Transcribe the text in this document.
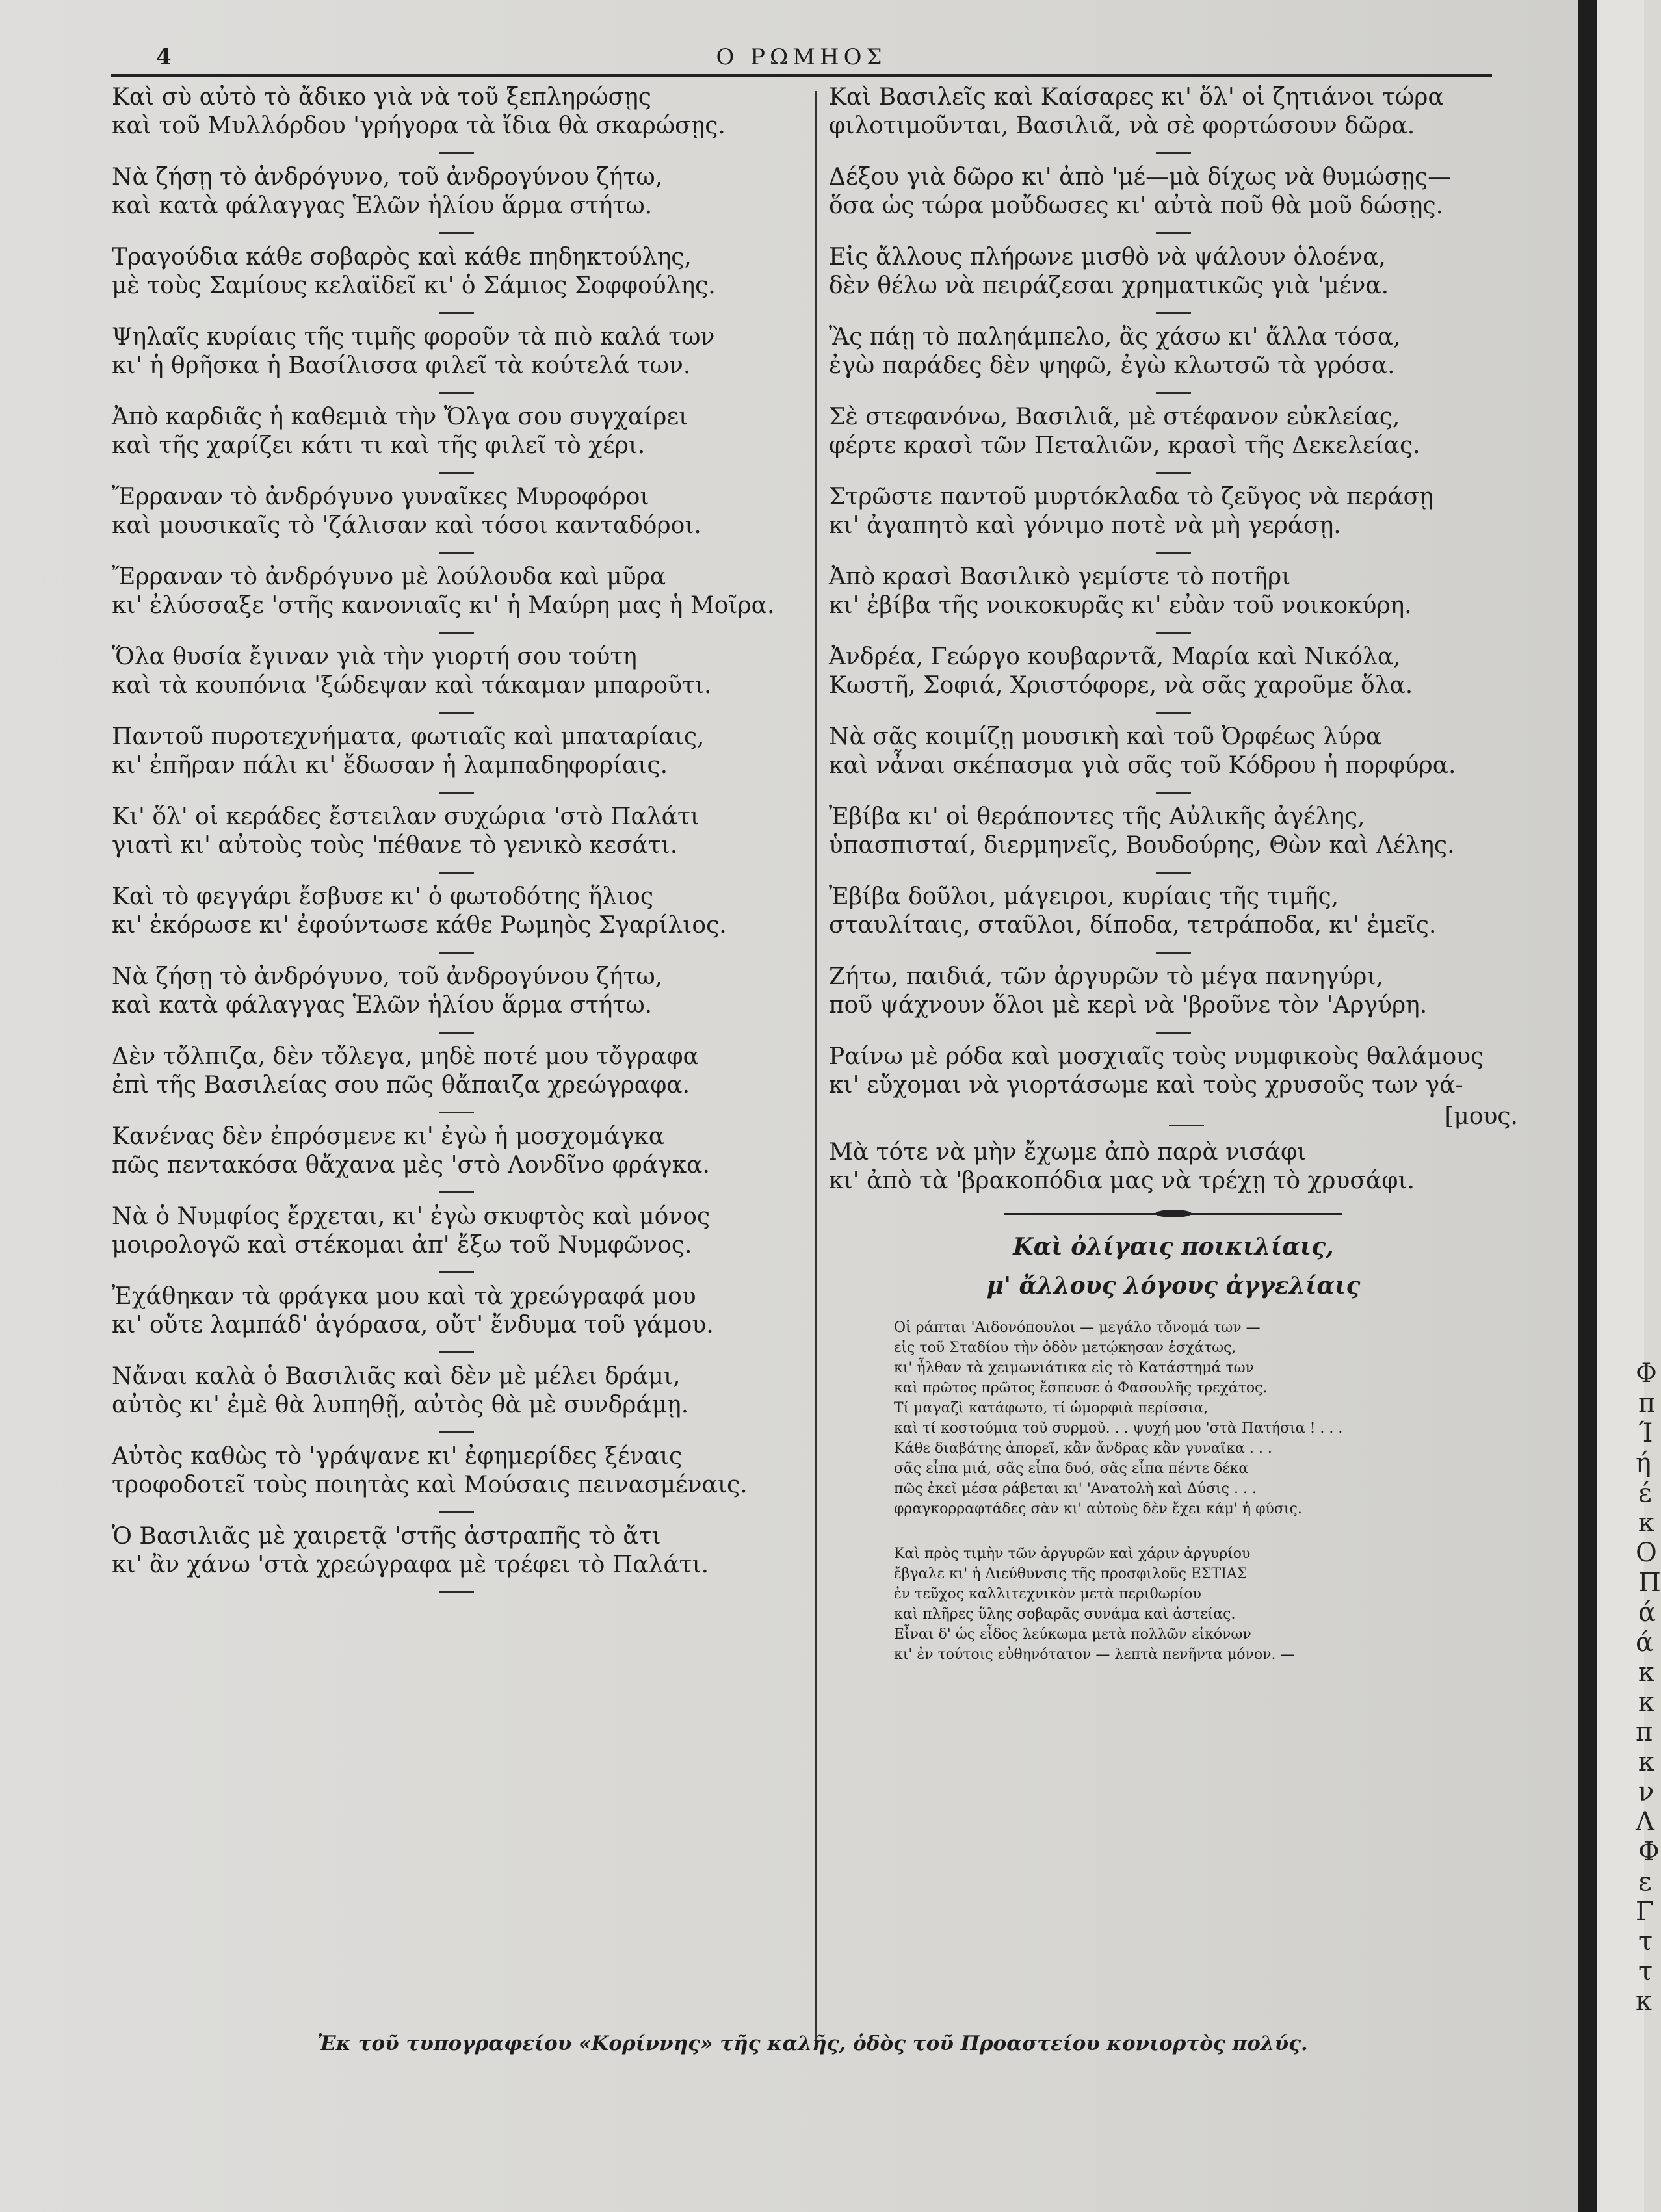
4	Ο ΡΩΜΗΟΣ
Καὶ σὺ αὐτὸ τὸ ἄδικο γιὰ νὰ τοῦ ξεπληρώσῃς
καὶ τοῦ Μυλλόρδου 'γρήγορα τὰ ἴδια θὰ σκαρώσῃς.
Νὰ ζήσῃ τὸ ἀνδρόγυνο, τοῦ ἀνδρογύνου ζήτω,
καὶ κατὰ φάλαγγας Ἑλῶν ἡλίου ἅρμα στήτω.
Τραγούδια κάθε σοβαρὸς καὶ κάθε πηδηκτούλης,
μὲ τοὺς Σαμίους κελαϊδεῖ κι' ὁ Σάμιος Σοφφούλης.
Ψηλαῖς κυρίαις τῆς τιμῆς φοροῦν τὰ πιὸ καλά των
κι' ἡ θρῆσκα ἡ Βασίλισσα φιλεῖ τὰ κούτελά των.
Ἀπὸ καρδιᾶς ἡ καθεμιὰ τὴν Ὄλγα σου συγχαίρει
καὶ τῆς χαρίζει κάτι τι καὶ τῆς φιλεῖ τὸ χέρι.
Ἔρραναν τὸ ἀνδρόγυνο γυναῖκες Μυροφόροι
καὶ μουσικαῖς τὸ 'ζάλισαν καὶ τόσοι κανταδόροι.
Ἔρραναν τὸ ἀνδρόγυνο μὲ λούλουδα καὶ μῦρα
κι' ἐλύσσαξε 'στῆς κανονιαῖς κι' ἡ Μαύρη μας ἡ Μοῖρα.
Ὅλα θυσία ἔγιναν γιὰ τὴν γιορτή σου τούτη
καὶ τὰ κουπόνια 'ξώδεψαν καὶ τάκαμαν μπαροῦτι.
Παντοῦ πυροτεχνήματα, φωτιαῖς καὶ μπαταρίαις,
κι' ἐπῆραν πάλι κι' ἔδωσαν ἡ λαμπαδηφορίαις.
Κι' ὅλ' οἱ κεράδες ἔστειλαν συχώρια 'στὸ Παλάτι
γιατὶ κι' αὐτοὺς τοὺς 'πέθανε τὸ γενικὸ κεσάτι.
Καὶ τὸ φεγγάρι ἔσβυσε κι' ὁ φωτοδότης ἥλιος
κι' ἐκόρωσε κι' ἐφούντωσε κάθε Ρωμηὸς Σγαρίλιος.
Νὰ ζήσῃ τὸ ἀνδρόγυνο, τοῦ ἀνδρογύνου ζήτω,
καὶ κατὰ φάλαγγας Ἑλῶν ἡλίου ἅρμα στήτω.
Δὲν τὄλπιζα, δὲν τὄλεγα, μηδὲ ποτέ μου τὄγραφα
ἐπὶ τῆς Βασιλείας σου πῶς θἄπαιζα χρεώγραφα.
Κανένας δὲν ἐπρόσμενε κι' ἐγὼ ἡ μοσχομάγκα
πῶς πεντακόσα θἄχανα μὲς 'στὸ Λονδῖνο φράγκα.
Νὰ ὁ Νυμφίος ἔρχεται, κι' ἐγὼ σκυφτὸς καὶ μόνος
μοιρολογῶ καὶ στέκομαι ἀπ' ἔξω τοῦ Νυμφῶνος.
Ἐχάθηκαν τὰ φράγκα μου καὶ τὰ χρεώγραφά μου
κι' οὔτε λαμπάδ' ἀγόρασα, οὔτ' ἔνδυμα τοῦ γάμου.
Νἄναι καλὰ ὁ Βασιλιᾶς καὶ δὲν μὲ μέλει δράμι,
αὐτὸς κι' ἐμὲ θὰ λυπηθῇ, αὐτὸς θὰ μὲ συνδράμῃ.
Αὐτὸς καθὼς τὸ 'γράψανε κι' ἐφημερίδες ξέναις
τροφοδοτεῖ τοὺς ποιητὰς καὶ Μούσαις πεινασμέναις.
Ὁ Βασιλιᾶς μὲ χαιρετᾷ 'στῆς ἀστραπῆς τὸ ἄτι
κι' ἂν χάνω 'στὰ χρεώγραφα μὲ τρέφει τὸ Παλάτι.
Καὶ Βασιλεῖς καὶ Καίσαρες κι' ὅλ' οἱ ζητιάνοι τώρα
φιλοτιμοῦνται, Βασιλιᾶ, νὰ σὲ φορτώσουν δῶρα.
Δέξου γιὰ δῶρο κι' ἀπὸ 'μέ—μὰ δίχως νὰ θυμώσῃς—
ὅσα ὡς τώρα μοὔδωσες κι' αὐτὰ ποῦ θὰ μοῦ δώσῃς.
Εἰς ἄλλους πλήρωνε μισθὸ νὰ ψάλουν ὁλοένα,
δὲν θέλω νὰ πειράζεσαι χρηματικῶς γιὰ 'μένα.
Ἂς πάῃ τὸ παληάμπελο, ἂς χάσω κι' ἄλλα τόσα,
ἐγὼ παράδες δὲν ψηφῶ, ἐγὼ κλωτσῶ τὰ γρόσα.
Σὲ στεφανόνω, Βασιλιᾶ, μὲ στέφανον εὐκλείας,
φέρτε κρασὶ τῶν Πεταλιῶν, κρασὶ τῆς Δεκελείας.
Στρῶστε παντοῦ μυρτόκλαδα τὸ ζεῦγος νὰ περάσῃ
κι' ἀγαπητὸ καὶ γόνιμο ποτὲ νὰ μὴ γεράσῃ.
Ἀπὸ κρασὶ Βασιλικὸ γεμίστε τὸ ποτῆρι
κι' ἐβίβα τῆς νοικοκυρᾶς κι' εὐὰν τοῦ νοικοκύρη.
Ἀνδρέα, Γεώργο κουβαρντᾶ, Μαρία καὶ Νικόλα,
Κωστῆ, Σοφιά, Χριστόφορε, νὰ σᾶς χαροῦμε ὅλα.
Νὰ σᾶς κοιμίζῃ μουσικὴ καὶ τοῦ Ὀρφέως λύρα
καὶ νἆναι σκέπασμα γιὰ σᾶς τοῦ Κόδρου ἡ πορφύρα.
Ἐβίβα κι' οἱ θεράποντες τῆς Αὐλικῆς ἀγέλης,
ὑπασπισταί, διερμηνεῖς, Βουδούρης, Θὼν καὶ Λέλης.
Ἐβίβα δοῦλοι, μάγειροι, κυρίαις τῆς τιμῆς,
σταυλίταις, σταῦλοι, δίποδα, τετράποδα, κι' ἐμεῖς.
Ζήτω, παιδιά, τῶν ἀργυρῶν τὸ μέγα πανηγύρι,
ποῦ ψάχνουν ὅλοι μὲ κερὶ νὰ 'βροῦνε τὸν 'Αργύρη.
Ραίνω μὲ ρόδα καὶ μοσχιαῖς τοὺς νυμφικοὺς θαλάμους
κι' εὔχομαι νὰ γιορτάσωμε καὶ τοὺς χρυσοῦς των γά-
[μους.
Μὰ τότε νὰ μὴν ἔχωμε ἀπὸ παρὰ νισάφι
κι' ἀπὸ τὰ 'βρακοπόδια μας νὰ τρέχῃ τὸ χρυσάφι.
Καὶ ὀλίγαις ποικιλίαις,
μ' ἄλλους λόγους ἀγγελίαις
Οἱ ράπται 'Αιδονόπουλοι — μεγάλο τὄνομά των —
εἰς τοῦ Σταδίου τὴν ὁδὸν μετῴκησαν ἐσχάτως,
κι' ἦλθαν τὰ χειμωνιάτικα εἰς τὸ Κατάστημά των
καὶ πρῶτος πρῶτος ἔσπευσε ὁ Φασουλῆς τρεχάτος.
Τί μαγαζὶ κατάφωτο, τί ὡμορφιὰ περίσσια,
καὶ τί κοστούμια τοῦ συρμοῦ. . . ψυχή μου 'στὰ Πατήσια ! . . .
Κάθε διαβάτης ἀπορεῖ, κἂν ἄνδρας κἂν γυναῖκα . . .
σᾶς εἶπα μιά, σᾶς εἶπα δυό, σᾶς εἶπα πέντε δέκα
πῶς ἐκεῖ μέσα ράβεται κι' 'Ανατολὴ καὶ Δύσις . . .
φραγκορραφτάδες σὰν κι' αὐτοὺς δὲν ἔχει κάμ' ἡ φύσις.
Καὶ πρὸς τιμὴν τῶν ἀργυρῶν καὶ χάριν ἀργυρίου
ἔβγαλε κι' ἡ Διεύθυνσις τῆς προσφιλοῦς ΕΣΤΙΑΣ
ἐν τεῦχος καλλιτεχνικὸν μετὰ περιθωρίου
καὶ πλῆρες ὕλης σοβαρᾶς συνάμα καὶ ἀστείας.
Εἶναι δ' ὡς εἶδος λεύκωμα μετὰ πολλῶν εἰκόνων
κι' ἐν τούτοις εὐθηνότατον — λεπτὰ πενῆντα μόνον. —
Ἐκ τοῦ τυπογραφείου «Κορίννης» τῆς καλῆς, ὁδὸς τοῦ Προαστείου κονιορτὸς πολύς.
Φ
π
Ί
ή
έ
κ
Ο
Π
ά
ά
κ
κ
π
κ
ν
Λ
Φ
ε
Γ
τ
τ
κ
